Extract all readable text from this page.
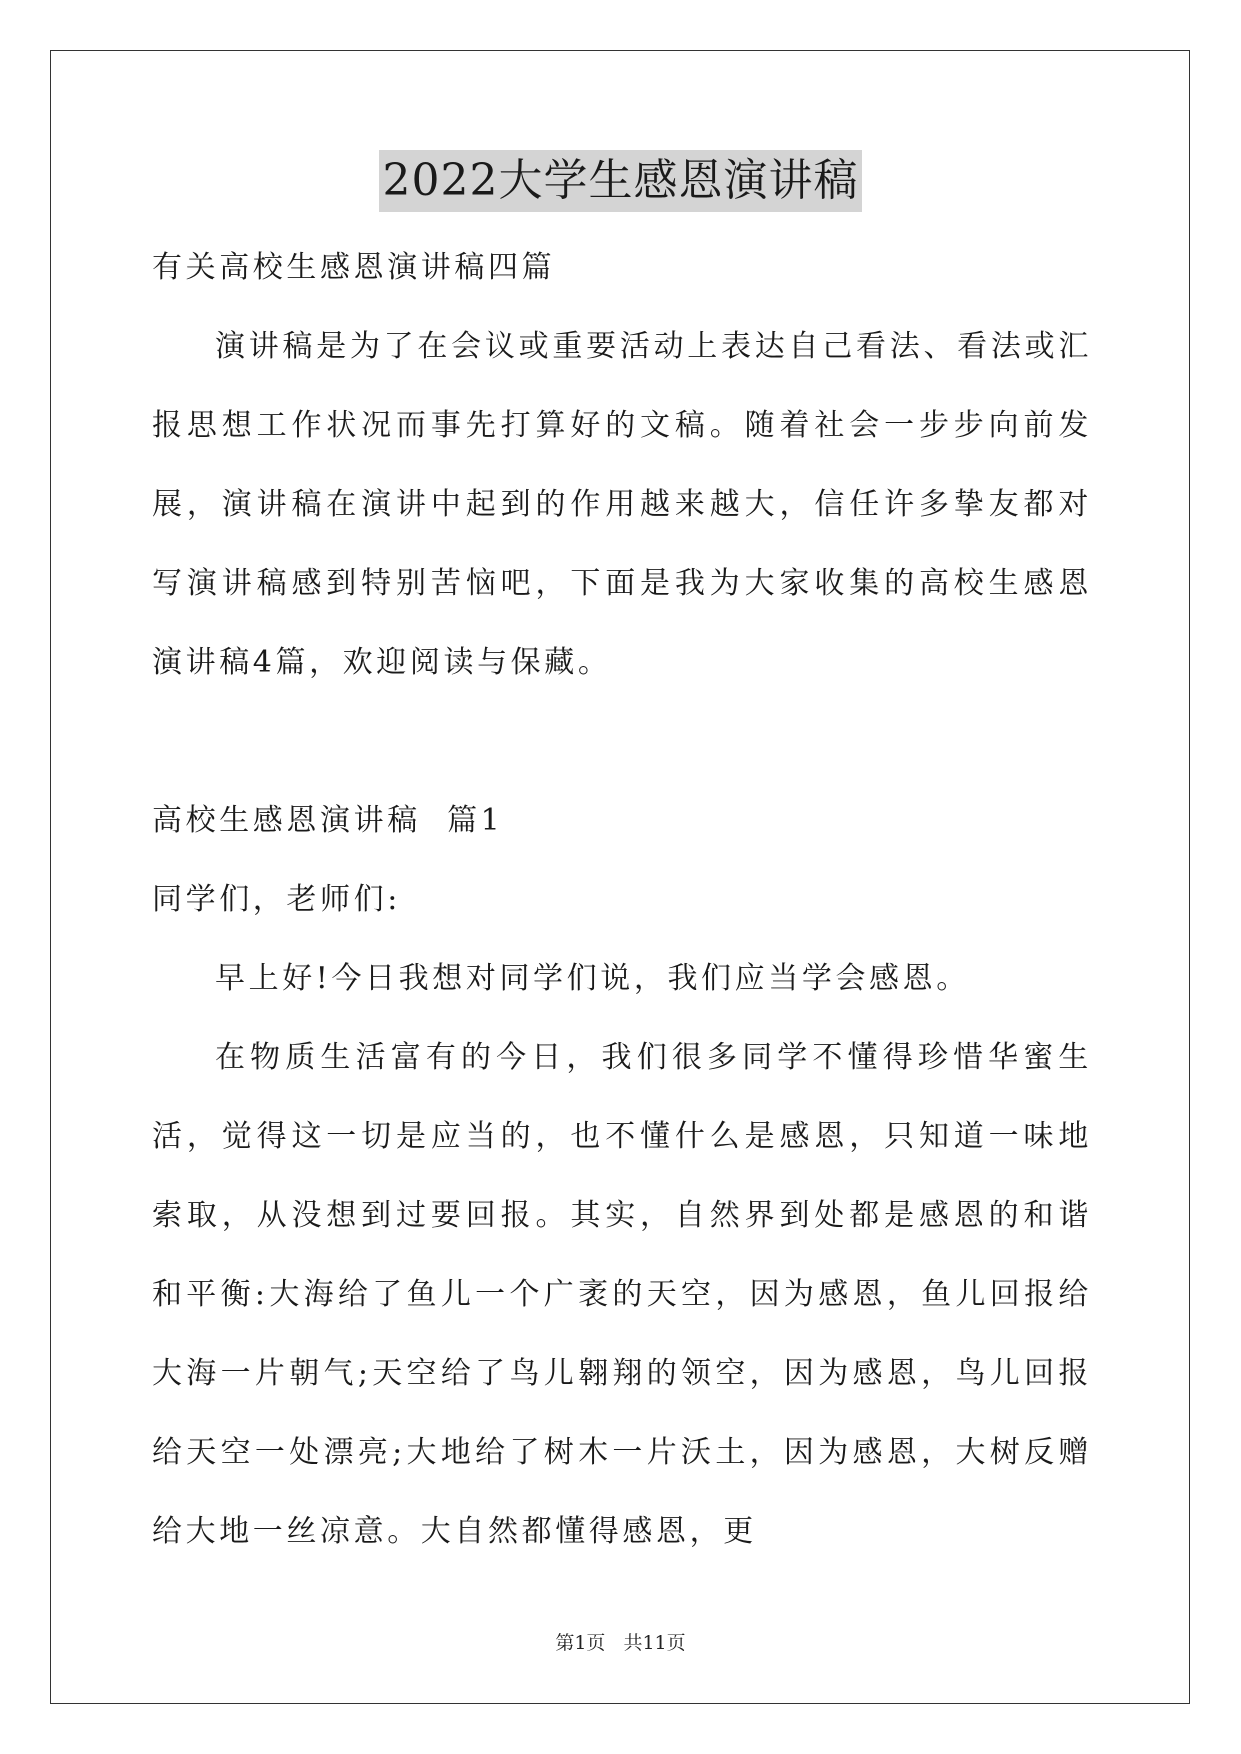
2022大学生感恩演讲稿

有关高校生感恩演讲稿四篇

演讲稿是为了在会议或重要活动上表达自己看法、看法或汇报思想工作状况而事先打算好的文稿。随着社会一步步向前发展，演讲稿在演讲中起到的作用越来越大，信任许多挚友都对写演讲稿感到特别苦恼吧，下面是我为大家收集的高校生感恩演讲稿4篇，欢迎阅读与保藏。

高校生感恩演讲稿  篇1

同学们，老师们:

早上好!今日我想对同学们说，我们应当学会感恩。

在物质生活富有的今日，我们很多同学不懂得珍惜华蜜生活，觉得这一切是应当的，也不懂什么是感恩，只知道一味地索取，从没想到过要回报。其实，自然界到处都是感恩的和谐和平衡:大海给了鱼儿一个广袤的天空，因为感恩，鱼儿回报给大海一片朝气;天空给了鸟儿翱翔的领空，因为感恩，鸟儿回报给天空一处漂亮;大地给了树木一片沃土，因为感恩，大树反赠给大地一丝凉意。大自然都懂得感恩，更

第1页 共11页
